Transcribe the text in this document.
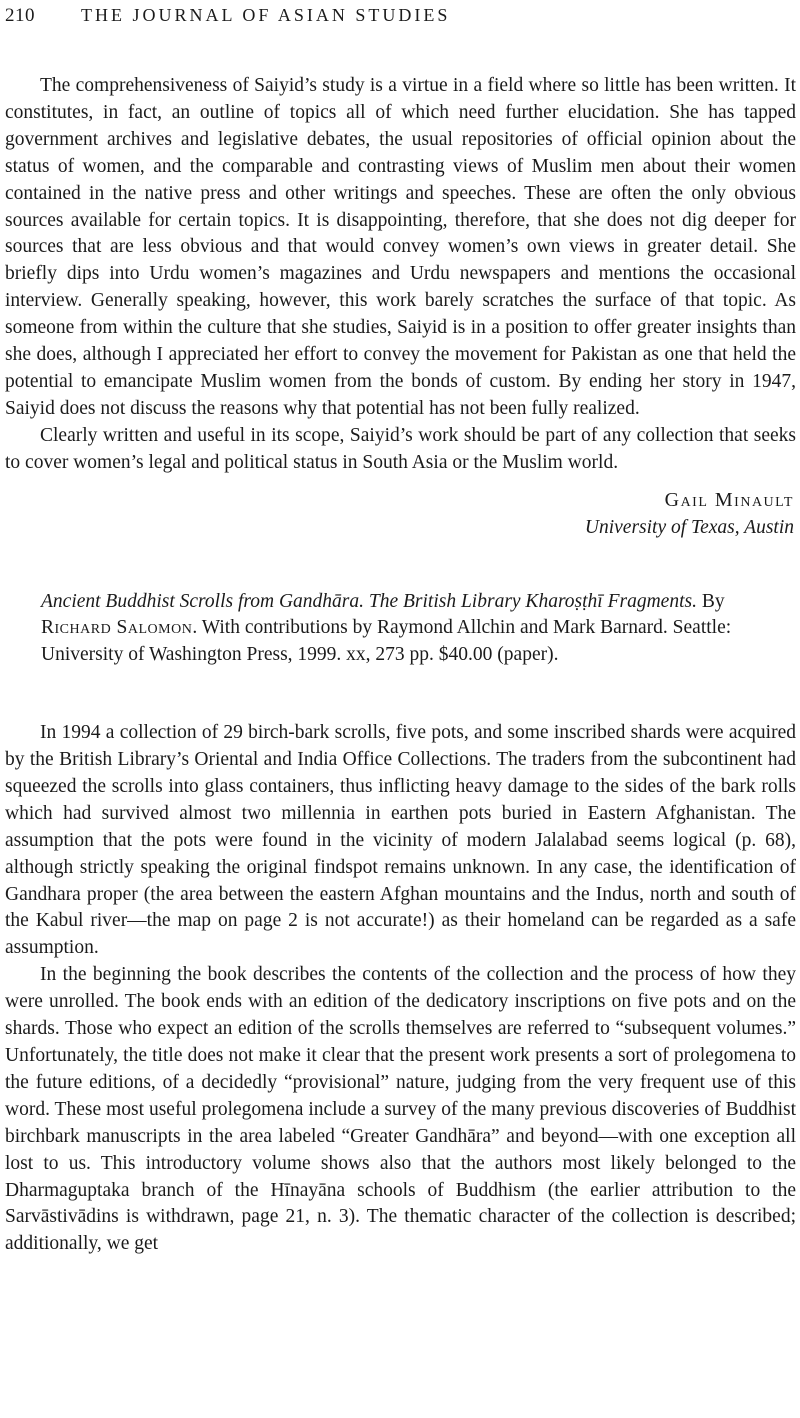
210	THE JOURNAL OF ASIAN STUDIES

The comprehensiveness of Saiyid’s study is a virtue in a field where so little has been written. It constitutes, in fact, an outline of topics all of which need further elucidation. She has tapped government archives and legislative debates, the usual repositories of official opinion about the status of women, and the comparable and contrasting views of Muslim men about their women contained in the native press and other writings and speeches. These are often the only obvious sources available for certain topics. It is disappointing, therefore, that she does not dig deeper for sources that are less obvious and that would convey women’s own views in greater detail. She briefly dips into Urdu women’s magazines and Urdu newspapers and mentions the occasional interview. Generally speaking, however, this work barely scratches the surface of that topic. As someone from within the culture that she studies, Saiyid is in a position to offer greater insights than she does, although I appreciated her effort to convey the movement for Pakistan as one that held the potential to emancipate Muslim women from the bonds of custom. By ending her story in 1947, Saiyid does not discuss the reasons why that potential has not been fully realized.

Clearly written and useful in its scope, Saiyid’s work should be part of any collection that seeks to cover women’s legal and political status in South Asia or the Muslim world.

Gail Minault
University of Texas, Austin

Ancient Buddhist Scrolls from Gandhāra. The British Library Kharoṣṭhī Fragments. By Richard Salomon. With contributions by Raymond Allchin and Mark Barnard. Seattle: University of Washington Press, 1999. xx, 273 pp. $40.00 (paper).

In 1994 a collection of 29 birch-bark scrolls, five pots, and some inscribed shards were acquired by the British Library’s Oriental and India Office Collections. The traders from the subcontinent had squeezed the scrolls into glass containers, thus inflicting heavy damage to the sides of the bark rolls which had survived almost two millennia in earthen pots buried in Eastern Afghanistan. The assumption that the pots were found in the vicinity of modern Jalalabad seems logical (p. 68), although strictly speaking the original findspot remains unknown. In any case, the identification of Gandhara proper (the area between the eastern Afghan mountains and the Indus, north and south of the Kabul river—the map on page 2 is not accurate!) as their homeland can be regarded as a safe assumption.

In the beginning the book describes the contents of the collection and the process of how they were unrolled. The book ends with an edition of the dedicatory inscriptions on five pots and on the shards. Those who expect an edition of the scrolls themselves are referred to “subsequent volumes.” Unfortunately, the title does not make it clear that the present work presents a sort of prolegomena to the future editions, of a decidedly “provisional” nature, judging from the very frequent use of this word. These most useful prolegomena include a survey of the many previous discoveries of Buddhist birchbark manuscripts in the area labeled “Greater Gandhāra” and beyond—with one exception all lost to us. This introductory volume shows also that the authors most likely belonged to the Dharmaguptaka branch of the Hīnayāna schools of Buddhism (the earlier attribution to the Sarvāstivādins is withdrawn, page 21, n. 3). The thematic character of the collection is described; additionally, we get
